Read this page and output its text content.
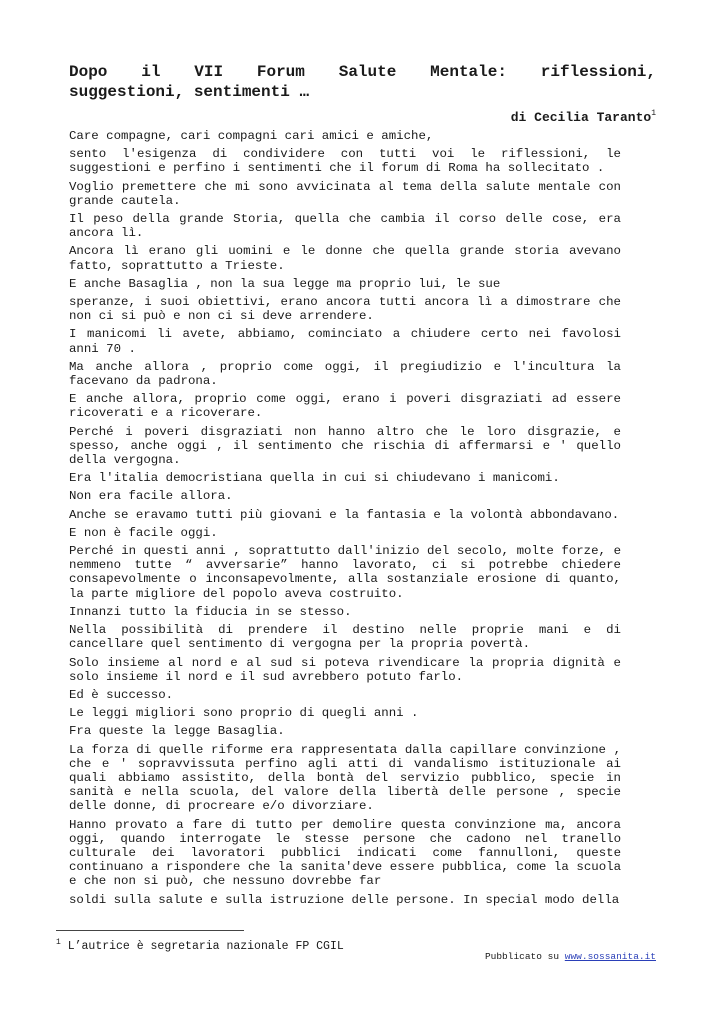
Dopo il VII Forum Salute Mentale: riflessioni,
suggestioni, sentimenti …
di Cecilia Taranto$^1$

Care compagne, cari compagni cari amici e amiche,

sento l'esigenza di condividere con tutti voi le riflessioni, le suggestioni e perfino i sentimenti che il forum di Roma ha sollecitato .

Voglio premettere che mi sono avvicinata al tema della salute mentale con grande cautela.

Il peso della grande Storia, quella che cambia il corso delle cose, era ancora lì.

Ancora lì erano gli uomini e le donne che quella grande storia avevano fatto, soprattutto a Trieste.

E anche Basaglia , non la sua legge ma proprio lui, le sue

speranze, i suoi obiettivi, erano ancora tutti ancora lì a dimostrare che non ci si può e non ci si deve arrendere.

I manicomi li avete, abbiamo, cominciato a chiudere certo nei favolosi anni 70 .

Ma anche allora , proprio come oggi, il pregiudizio e l'incultura la facevano da padrona.

E anche allora, proprio come oggi, erano i poveri disgraziati ad essere ricoverati e a ricoverare.

Perché i poveri disgraziati non hanno altro che le loro disgrazie, e spesso, anche oggi , il sentimento che rischia di affermarsi e ' quello della vergogna.

Era l'italia democristiana quella in cui si chiudevano i manicomi.

Non era facile allora.

Anche se eravamo tutti più giovani e la fantasia e la volontà abbondavano.

E non è facile oggi.

Perché in questi anni , soprattutto dall'inizio del secolo, molte forze, e nemmeno tutte “ avversarie” hanno lavorato, ci si potrebbe chiedere consapevolmente o inconsapevolmente, alla sostanziale erosione di quanto, la parte migliore del popolo aveva costruito.

Innanzi tutto la fiducia in se stesso.

Nella possibilità di prendere il destino nelle proprie mani e di cancellare quel sentimento di vergogna per la propria povertà.

Solo insieme al nord e al sud si poteva rivendicare la propria dignità e solo insieme il nord e il sud avrebbero potuto farlo.

Ed è successo.

Le leggi migliori sono proprio di quegli anni .

Fra queste la legge Basaglia.

La forza di quelle riforme era rappresentata dalla capillare convinzione , che e ' sopravvissuta perfino agli atti di vandalismo istituzionale ai quali abbiamo assistito, della bontà del servizio pubblico, specie in sanità e nella scuola, del valore della libertà delle persone , specie delle donne, di procreare e/o divorziare.

Hanno provato a fare di tutto per demolire questa convinzione ma, ancora oggi, quando interrogate le stesse persone che cadono nel tranello culturale dei lavoratori pubblici indicati come fannulloni, queste continuano a rispondere che la sanita'deve essere pubblica, come la scuola e che non si può, che nessuno dovrebbe far

soldi sulla salute e sulla istruzione delle persone. In special modo della

$^1$ L’autrice è segretaria nazionale FP CGIL
Pubblicato su www.sossanita.it
